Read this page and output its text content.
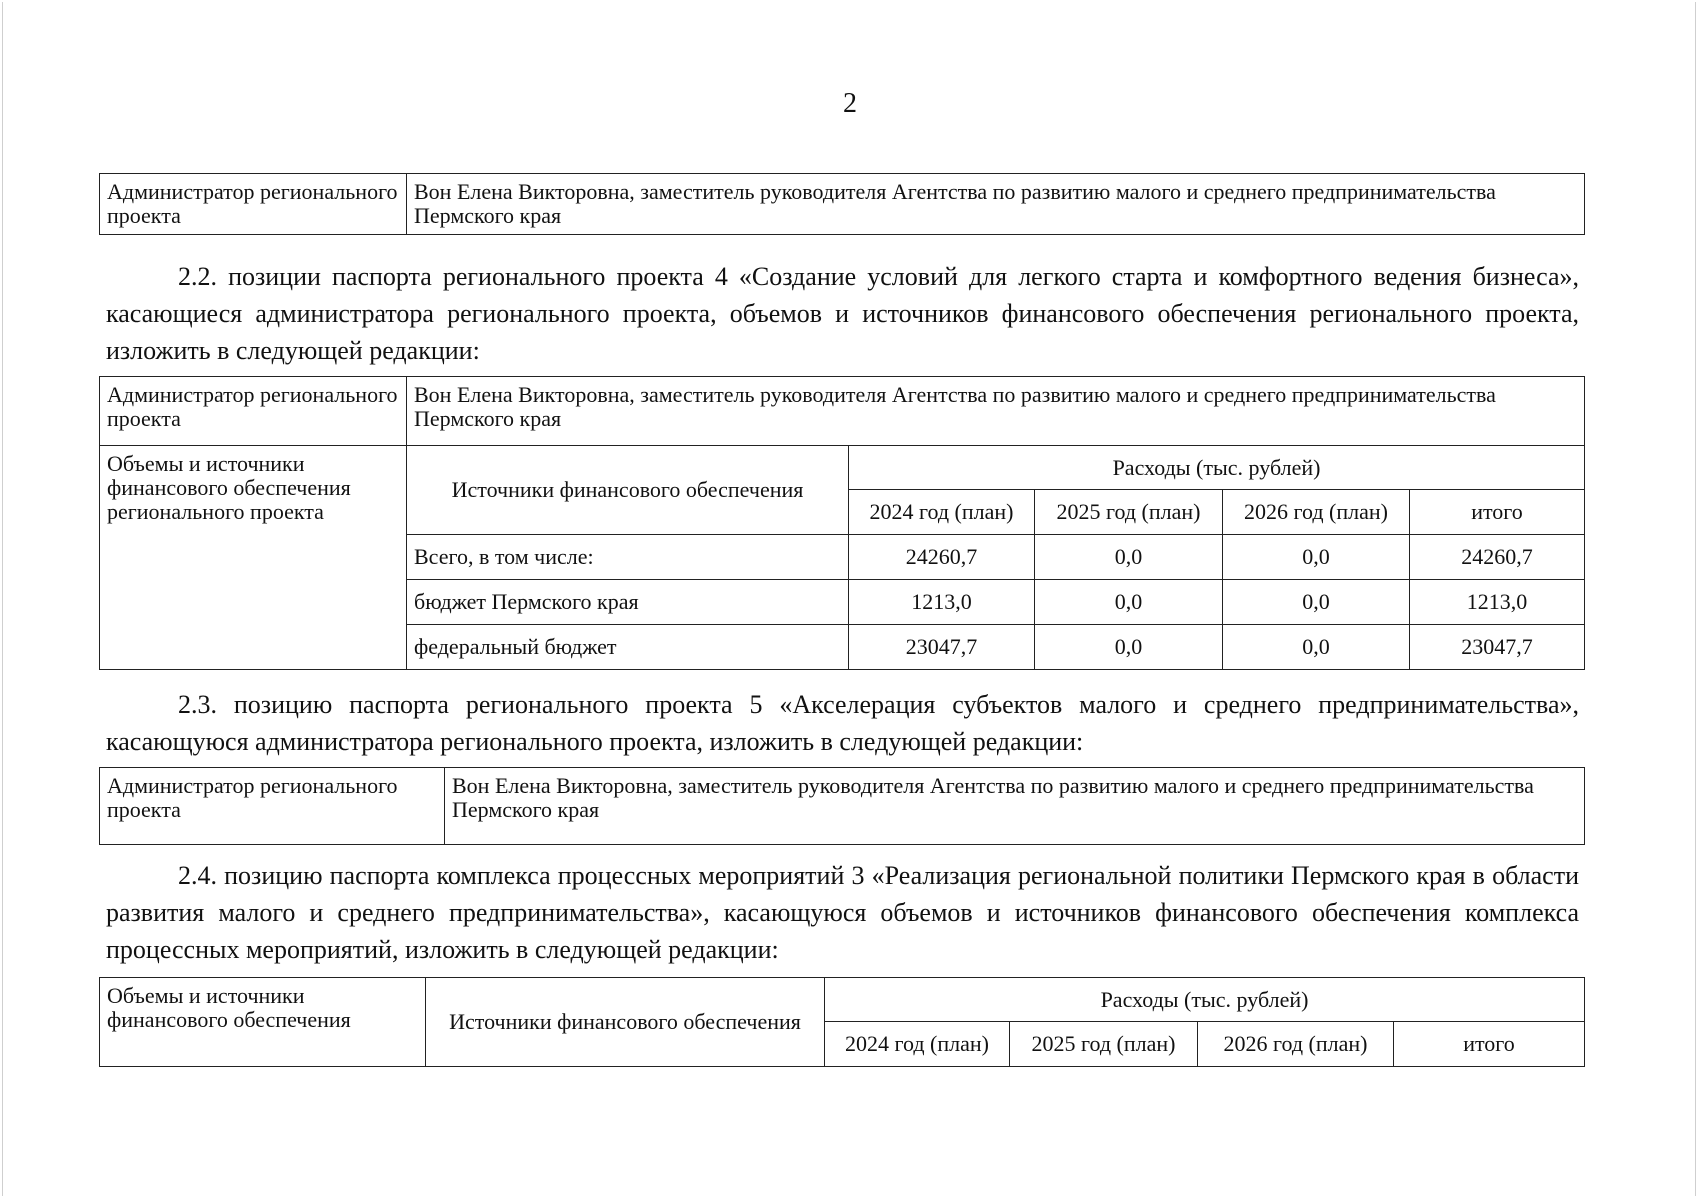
2
Администратор регионального проекта	Вон Елена Викторовна, заместитель руководителя Агентства по развитию малого и среднего предпринимательства Пермского края

2.2. позиции паспорта регионального проекта 4 «Создание условий для легкого старта и комфортного ведения бизнеса», касающиеся администратора регионального проекта, объемов и источников финансового обеспечения регионального проекта, изложить в следующей редакции:

Администратор регионального проекта	Вон Елена Викторовна, заместитель руководителя Агентства по развитию малого и среднего предпринимательства Пермского края				
Объемы и источники финансового обеспечения регионального проекта	Источники финансового обеспечения	Расходы (тыс. рублей)			
		2024 год (план)	2025 год (план)	2026 год (план)	итого
	Всего, в том числе:	24260,7	0,0	0,0	24260,7
	бюджет Пермского края	1213,0	0,0	0,0	1213,0
	федеральный бюджет	23047,7	0,0	0,0	23047,7

2.3. позицию паспорта регионального проекта 5 «Акселерация субъектов малого и среднего предпринимательства», касающуюся администратора регионального проекта, изложить в следующей редакции:

Администратор регионального проекта	Вон Елена Викторовна, заместитель руководителя Агентства по развитию малого и среднего предпринимательства Пермского края

2.4. позицию паспорта комплекса процессных мероприятий 3 «Реализация региональной политики Пермского края в области развития малого и среднего предпринимательства», касающуюся объемов и источников финансового обеспечения комплекса процессных мероприятий, изложить в следующей редакции:

Объемы и источники финансового обеспечения	Источники финансового обеспечения	Расходы (тыс. рублей)			
		2024 год (план)	2025 год (план)	2026 год (план)	итого
